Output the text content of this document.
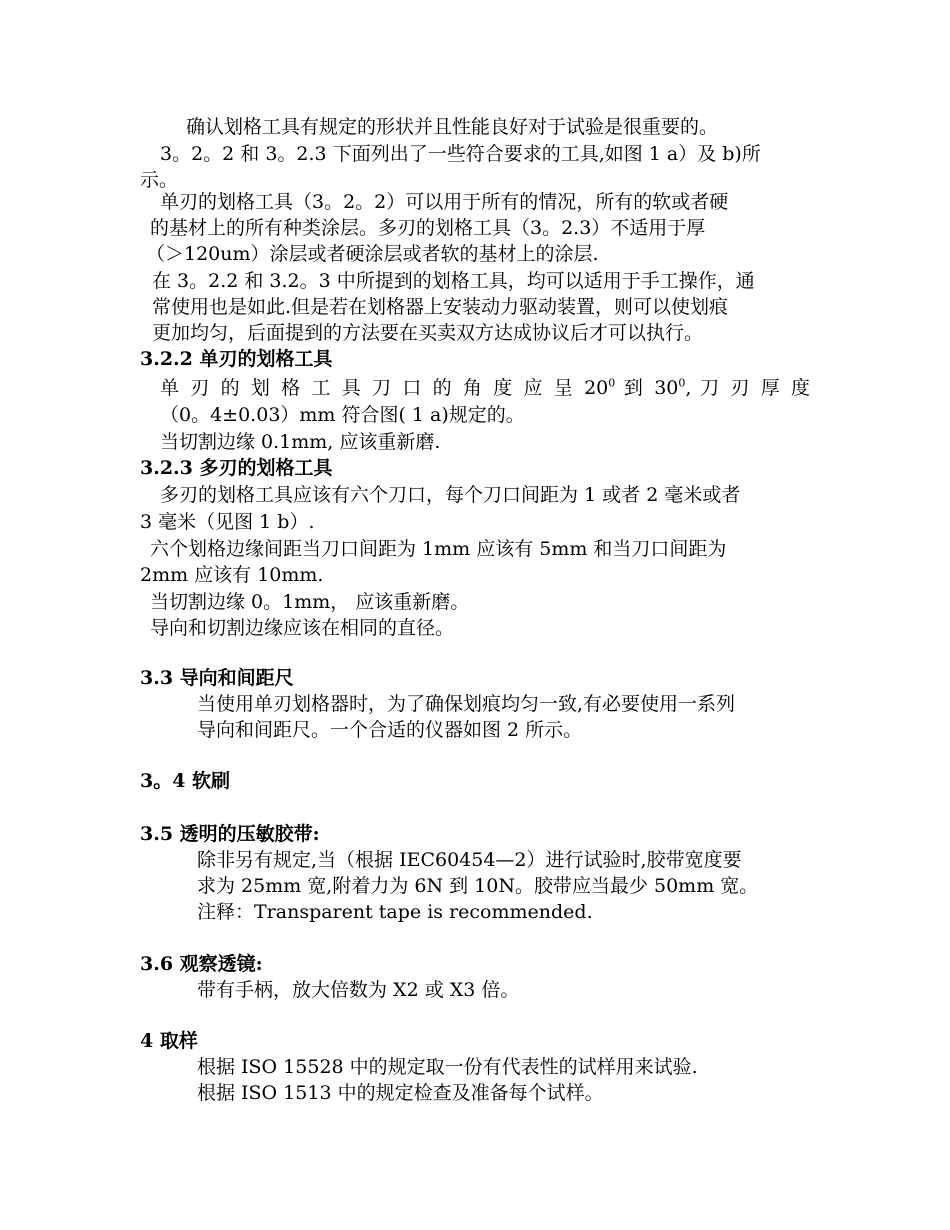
确认划格工具有规定的形状并且性能良好对于试验是很重要的。
3。2。2 和 3。2.3 下面列出了一些符合要求的工具,如图 1 a）及 b)所
示。
单刃的划格工具（3。2。2）可以用于所有的情况，所有的软或者硬
的基材上的所有种类涂层。多刃的划格工具（3。2.3）不适用于厚
（＞120um）涂层或者硬涂层或者软的基材上的涂层.
在 3。2.2 和 3.2。3 中所提到的划格工具，均可以适用于手工操作，通
常使用也是如此.但是若在划格器上安装动力驱动装置，则可以使划痕
更加均匀，后面提到的方法要在买卖双方达成协议后才可以执行。
3.2.2 单刃的划格工具
单 刃 的 划 格 工 具 刀 口 的 角 度 应 呈 $20^0$ 到 $30^0$, 刀 刃 厚 度
（0。4±0.03）mm 符合图( 1 a)规定的。
当切割边缘 0.1mm, 应该重新磨.
3.2.3 多刃的划格工具
多刃的划格工具应该有六个刀口，每个刀口间距为 1 或者 2 毫米或者
3 毫米（见图 1 b）.
六个划格边缘间距当刀口间距为 1mm 应该有 5mm 和当刀口间距为
2mm 应该有 10mm.
当切割边缘 0。1mm， 应该重新磨。
导向和切割边缘应该在相同的直径。
3.3 导向和间距尺
当使用单刃划格器时，为了确保划痕均匀一致,有必要使用一系列
导向和间距尺。一个合适的仪器如图 2 所示。
3。4 软刷
3.5 透明的压敏胶带:
除非另有规定,当（根据 IEC60454—2）进行试验时,胶带宽度要
求为 25mm 宽,附着力为 6N 到 10N。胶带应当最少 50mm 宽。
注释：Transparent tape is recommended.
3.6 观察透镜:
带有手柄，放大倍数为 X2 或 X3 倍。
4 取样
根据 ISO 15528 中的规定取一份有代表性的试样用来试验.
根据 ISO 1513 中的规定检查及准备每个试样。
